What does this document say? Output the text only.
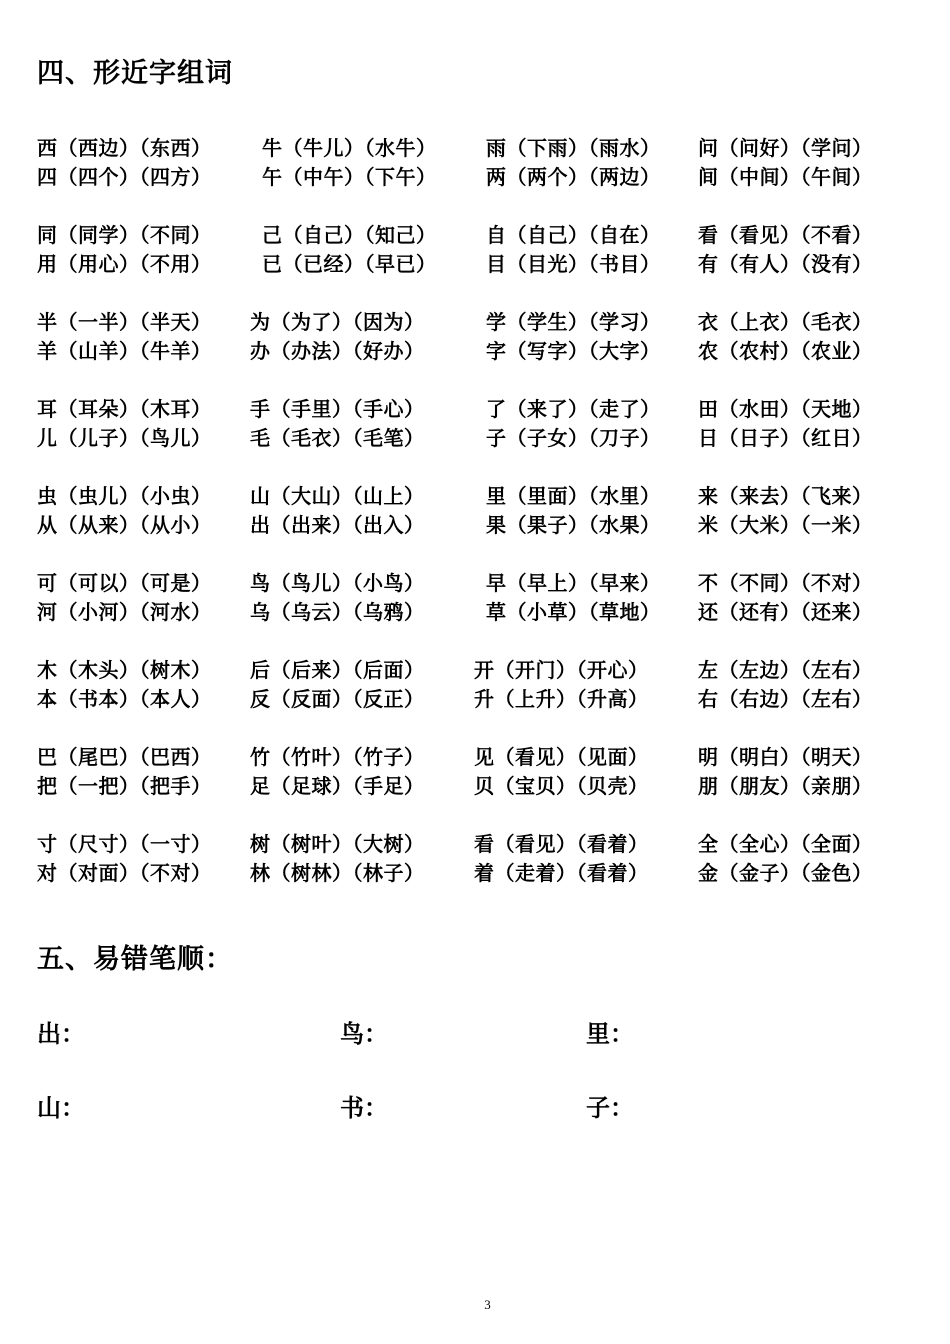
四、形近字组词
西（西边）（东西）	牛（牛儿）（水牛） 雨（下雨）（雨水） 问（问好）（学问）
四（四个）（四方）	午（中午）（下午） 两（两个）（两边） 间（中间）（午间）
同（同学）（不同）	己（自己）（知己） 自（自己）（自在） 看（看见）（不看）
用（用心）（不用）	已（已经）（早已） 目（目光）（书目） 有（有人）（没有）
半（一半）（半天） 为（为了）（因为）	学（学生）（学习） 衣（上衣）（毛衣）
羊（山羊）（牛羊） 办（办法）（好办）	字（写字）（大字） 农（农村）（农业）
耳（耳朵）（木耳） 手（手里）（手心）	了（来了）（走了） 田（水田）（天地）
儿（儿子）（鸟儿） 毛（毛衣）（毛笔）	子（子女）（刀子） 日（日子）（红日）
虫（虫儿）（小虫） 山（大山）（山上）	里（里面）（水里） 来（来去）（飞来）
从（从来）（从小） 出（出来）（出入）	果（果子）（水果） 米（大米）（一米）
可（可以）（可是） 鸟（鸟儿）（小鸟）	早（早上）（早来） 不（不同）（不对）
河（小河）（河水） 乌（乌云）（乌鸦）	草（小草）（草地） 还（还有）（还来）
木（木头）（树木） 后（后来）（后面） 开（开门）（开心） 左（左边）（左右）
本（书本）（本人） 反（反面）（反正） 升（上升）（升高） 右（右边）（左右）
巴（尾巴）（巴西） 竹（竹叶）（竹子） 见（看见）（见面） 明（明白）（明天）
把（一把）（把手） 足（足球）（手足） 贝（宝贝）（贝壳） 朋（朋友）（亲朋）
寸（尺寸）（一寸） 树（树叶）（大树） 看（看见）（看着） 全（全心）（全面）
对（对面）（不对） 林（树林）（林子） 着（走着）（看着） 金（金子）（金色）
五、易错笔顺：
出：	鸟：	里：
山：	书：	子：
3
